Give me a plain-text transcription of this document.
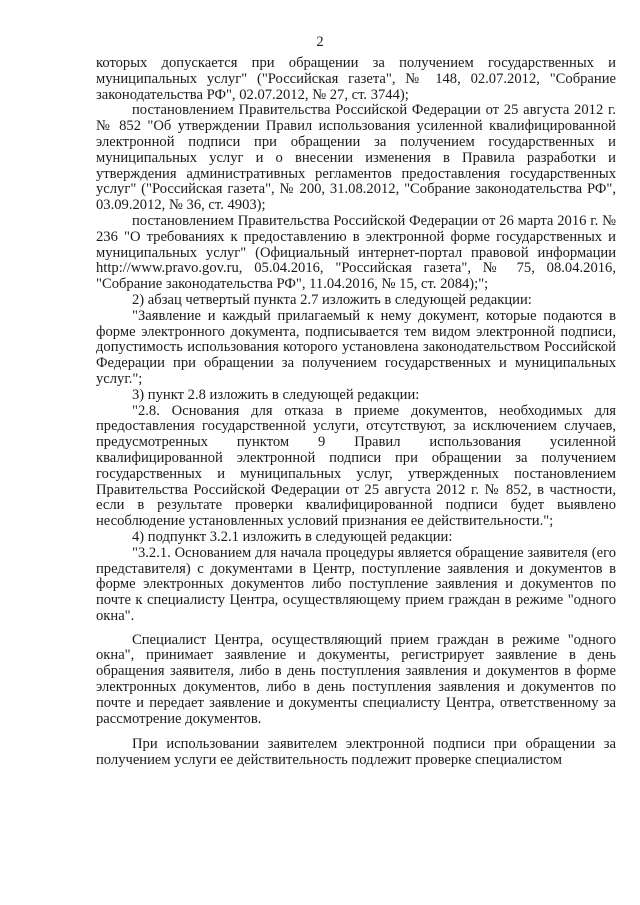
2

которых допускается при обращении за получением государственных и муниципальных услуг" ("Российская газета", № 148, 02.07.2012, "Собрание законодательства РФ", 02.07.2012, № 27, ст. 3744);

постановлением Правительства Российской Федерации от 25 августа 2012 г. № 852 "Об утверждении Правил использования усиленной квалифицированной электронной подписи при обращении за получением государственных и муниципальных услуг и о внесении изменения в Правила разработки и утверждения административных регламентов предоставления государственных услуг" ("Российская газета", № 200, 31.08.2012, "Собрание законодательства РФ", 03.09.2012, № 36, ст. 4903);

постановлением Правительства Российской Федерации от 26 марта 2016 г. № 236 "О требованиях к предоставлению в электронной форме государственных и муниципальных услуг" (Официальный интернет-портал правовой информации http://www.pravo.gov.ru, 05.04.2016, "Российская газета", № 75, 08.04.2016, "Собрание законодательства РФ", 11.04.2016, № 15, ст. 2084);";

2) абзац четвертый пункта 2.7 изложить в следующей редакции:

"Заявление и каждый прилагаемый к нему документ, которые подаются в форме электронного документа, подписывается тем видом электронной подписи, допустимость использования которого установлена законодательством Российской Федерации при обращении за получением государственных и муниципальных услуг.";

3) пункт 2.8 изложить в следующей редакции:

"2.8. Основания для отказа в приеме документов, необходимых для предоставления государственной услуги, отсутствуют, за исключением случаев, предусмотренных пунктом 9 Правил использования усиленной квалифицированной электронной подписи при обращении за получением государственных и муниципальных услуг, утвержденных постановлением Правительства Российской Федерации от 25 августа 2012 г. № 852, в частности, если в результате проверки квалифицированной подписи будет выявлено несоблюдение установленных условий признания ее действительности.";

4) подпункт 3.2.1 изложить в следующей редакции:

"3.2.1. Основанием для начала процедуры является обращение заявителя (его представителя) с документами в Центр, поступление заявления и документов в форме электронных документов либо поступление заявления и документов по почте к специалисту Центра, осуществляющему прием граждан в режиме "одного окна".

Специалист Центра, осуществляющий прием граждан в режиме "одного окна", принимает заявление и документы, регистрирует заявление в день обращения заявителя, либо в день поступления заявления и документов в форме электронных документов, либо в день поступления заявления и документов по почте и передает заявление и документы специалисту Центра, ответственному за рассмотрение документов.

При использовании заявителем электронной подписи при обращении за получением услуги ее действительность подлежит проверке специалистом
